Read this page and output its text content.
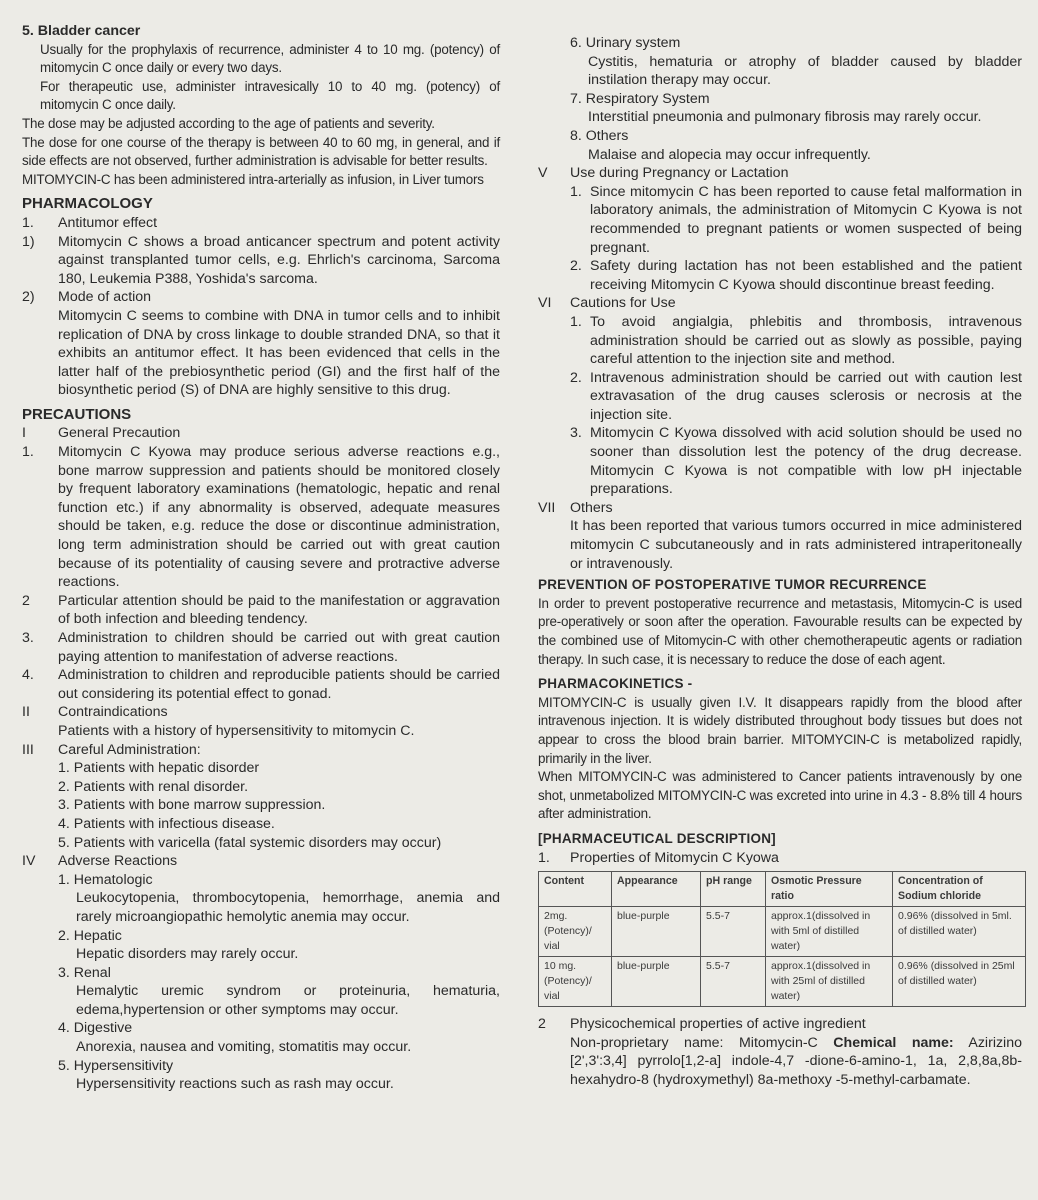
5. Bladder cancer

Usually for the prophylaxis of recurrence, administer 4 to 10 mg. (potency) of mitomycin C once daily or every two days.

For therapeutic use, administer intravesically 10 to 40 mg. (potency) of mitomycin C once daily.

The dose may be adjusted according to the age of patients and severity.

The dose for one course of the therapy is between 40 to 60 mg, in general, and if side effects are not observed, further administration is advisable for better results.

MITOMYCIN-C has been administered intra-arterially as infusion, in Liver tumors

PHARMACOLOGY

1.	Antitumor effect
1)	Mitomycin C shows a broad anticancer spectrum and potent activity against transplanted tumor cells, e.g. Ehrlich's carcinoma, Sarcoma 180, Leukemia P388, Yoshida's sarcoma.
2)	Mode of action

Mitomycin C seems to combine with DNA in tumor cells and to inhibit replication of DNA by cross linkage to double stranded DNA, so that it exhibits an antitumor effect. It has been evidenced that cells in the latter half of the prebiosynthetic period (GI) and the first half of the biosynthetic period (S) of DNA are highly sensitive to this drug.

PRECAUTIONS

I	General Precaution
1.	Mitomycin C Kyowa may produce serious adverse reactions e.g., bone marrow suppression and patients should be monitored closely by frequent laboratory examinations (hematologic, hepatic and renal function etc.) if any abnormality is observed, adequate measures should be taken, e.g. reduce the dose or discontinue administration, long term administration should be carried out with great caution because of its potentiality of causing severe and protractive adverse reactions.
2	Particular attention should be paid to the manifestation or aggravation of both infection and bleeding tendency.
3.	Administration to children should be carried out with great caution paying attention to manifestation of adverse reactions.
4.	Administration to children and reproducible patients should be carried out considering its potential effect to gonad.
II	Contraindications

Patients with a history of hypersensitivity to mitomycin C.

III	Careful Administration:

1. Patients with hepatic disorder

2. Patients with renal disorder.

3. Patients with bone marrow suppression.

4. Patients with infectious disease.

5. Patients with varicella (fatal systemic disorders may occur)

IV	Adverse Reactions

1. Hematologic

Leukocytopenia, thrombocytopenia, hemorrhage, anemia and rarely microangiopathic hemolytic anemia may occur.

2. Hepatic

Hepatic disorders may rarely occur.

3. Renal

Hemalytic uremic syndrom or proteinuria, hematuria, edema,hypertension or other symptoms may occur.

4. Digestive

Anorexia, nausea and vomiting, stomatitis may occur.

5. Hypersensitivity

Hypersensitivity reactions such as rash may occur.

6. Urinary system

Cystitis, hematuria or atrophy of bladder caused by bladder instilation therapy may occur.

7. Respiratory System

Interstitial pneumonia and pulmonary fibrosis may rarely occur.

8. Others

Malaise and alopecia may occur infrequently.

V	Use during Pregnancy or Lactation
1. Since mitomycin C has been reported to cause fetal malformation in laboratory animals, the administration of Mitomycin C Kyowa is not recommended to pregnant patients or women suspected of being pregnant.
2. Safety during lactation has not been established and the patient receiving Mitomycin C Kyowa should discontinue breast feeding.
VI	Cautions for Use
1. To avoid angialgia, phlebitis and thrombosis, intravenous administration should be carried out as slowly as possible, paying careful attention to the injection site and method.
2. Intravenous administration should be carried out with caution lest extravasation of the drug causes sclerosis or necrosis at the injection site.
3. Mitomycin C Kyowa dissolved with acid solution should be used no sooner than dissolution lest the potency of the drug decrease. Mitomycin C Kyowa is not compatible with low pH injectable preparations.
VII	Others

It has been reported that various tumors occurred in mice administered mitomycin C subcutaneously and in rats administered intraperitoneally or intravenously.

PREVENTION OF POSTOPERATIVE TUMOR RECURRENCE

In order to prevent postoperative recurrence and metastasis, Mitomycin-C is used pre-operatively or soon after the operation. Favourable results can be expected by the combined use of Mitomycin-C with other chemotherapeutic agents or radiation therapy. In such case, it is necessary to reduce the dose of each agent.

PHARMACOKINETICS -

MITOMYCIN-C is usually given I.V. It disappears rapidly from the blood after intravenous injection. It is widely distributed throughout body tissues but does not appear to cross the blood brain barrier. MITOMYCIN-C is metabolized rapidly, primarily in the liver.

When MITOMYCIN-C was administered to Cancer patients intravenously by one shot, unmetabolized MITOMYCIN-C was excreted into urine in 4.3 - 8.8% till 4 hours after administration.

[PHARMACEUTICAL DESCRIPTION]

1.	Properties of Mitomycin C Kyowa
Content	Appearance	pH range	Osmotic Pressure ratio	Concentration of Sodium chloride
2mg. (Potency)/ vial	blue-purple	5.5-7	approx.1(dissolved in with 5ml of distilled water)	0.96% (dissolved in 5ml. of distilled water)
10 mg. (Potency)/ vial	blue-purple	5.5-7	approx.1(dissolved in with 25ml of distilled water)	0.96% (dissolved in 25ml of distilled water)
2	Physicochemical properties of active ingredient

Non-proprietary name: Mitomycin-C Chemical name: Azirizino [2',3':3,4] pyrrolo[1,2-a] indole-4,7 -dione-6-amino-1, 1a, 2,8,8a,8b-hexahydro-8 (hydroxymethyl) 8a-methoxy -5-methyl-carbamate.
